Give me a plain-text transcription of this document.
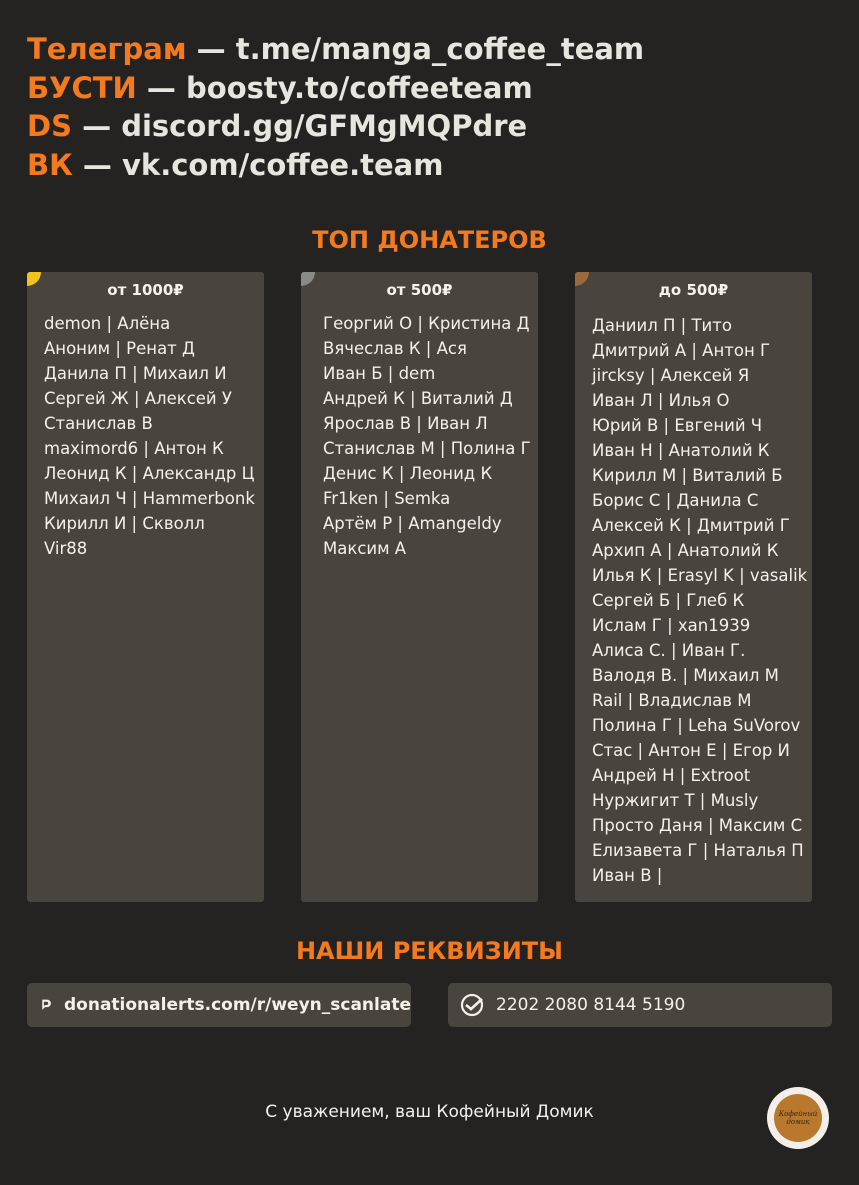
Телеграм — t.me/manga_coffee_team
БУСТИ — boosty.to/coffeeteam
DS — discord.gg/GFMgMQPdre
ВК — vk.com/coffee.team
ТОП ДОНАТЕРОВ
от 1000₽
demon | Алёна
Аноним | Ренат Д
Данила П | Михаил И
Сергей Ж | Алексей У
Станислав В
maximord6 | Антон К
Леонид К | Александр Ц
Михаил Ч | Hammerbonk
Кирилл И | Скволл
Vir88
от 500₽
Георгий О | Кристина Д
Вячеслав К | Ася
Иван Б | dem
Андрей К | Виталий Д
Ярослав В | Иван Л
Станислав М | Полина Г
Денис К | Леонид К
Fr1ken | Semka
Артём Р | Amangeldy
Максим А
до 500₽
Даниил П | Тито
Дмитрий А | Антон Г
jircksy | Алексей Я
Иван Л | Илья О
Юрий В | Евгений Ч
Иван Н | Анатолий К
Кирилл М | Виталий Б
Борис С | Данила С
Алексей К | Дмитрий Г
Архип А | Анатолий К
Илья К | Erasyl K | vasalik
Сергей Б | Глеб К
Ислам Г | xan1939
Алиса С. | Иван Г.
Валодя В. | Михаил М
Rail | Владислав М
Полина Г | Leha SuVorov
Стас | Антон Е | Егор И
Андрей Н | Extroot
Нуржигит Т | Musly
Просто Даня | Максим С
Елизавета Г | Наталья П
Иван В |
НАШИ РЕКВИЗИТЫ
donationalerts.com/r/weyn_scanlate	2202 2080 8144 5190
С уважением, ваш Кофейный Домик	Кофейный
домик
